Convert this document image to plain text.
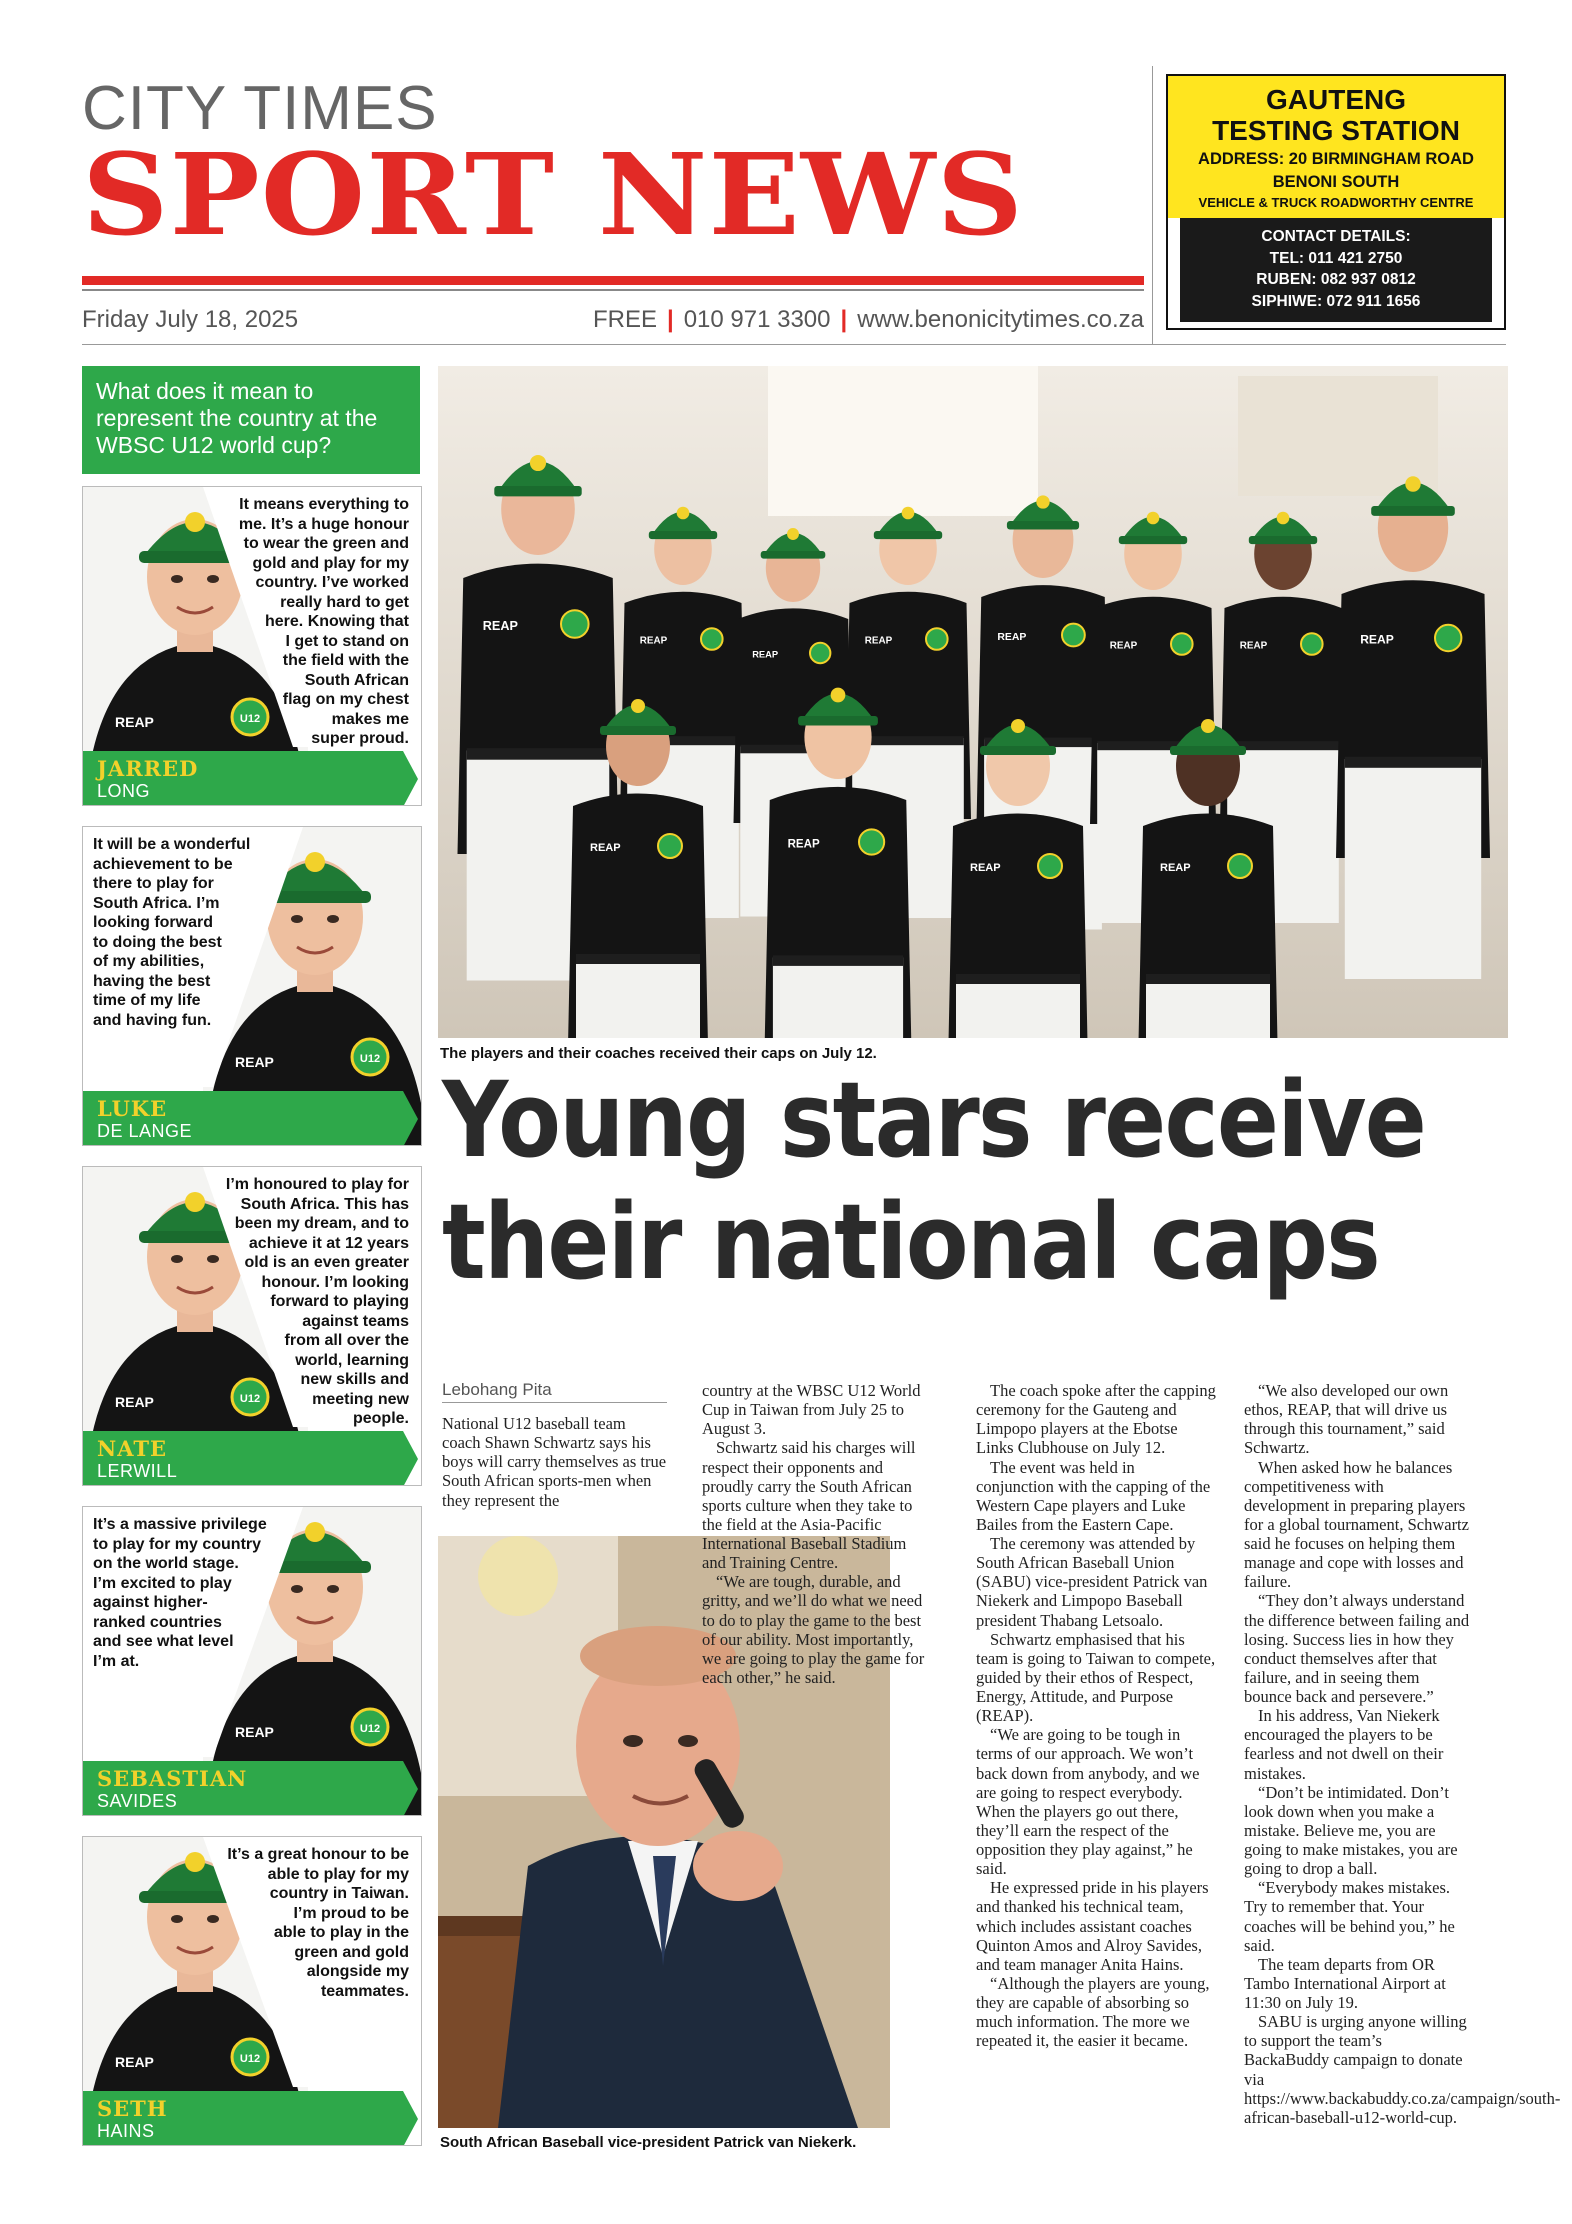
CITY TIMES
SPORT NEWS
Friday July 18, 2025	FREE | 010 971 3300 | www.benonicitytimes.co.za
GAUTENG
TESTING STATION
ADDRESS: 20 BIRMINGHAM ROAD
BENONI SOUTH
VEHICLE & TRUCK ROADWORTHY CENTRE
CONTACT DETAILS:
TEL: 011 421 2750
RUBEN: 082 937 0812
SIPHIWE: 072 911 1656
What does it mean to represent the country at the WBSC U12 world cup?
U12
REAP
It means everything to
me. It’s a huge honour
to wear the green and
gold and play for my
country. I’ve worked
really hard to get
here. Knowing that
I get to stand on
the field with the
South African
flag on my chest
makes me
super proud.
JARRED
LONG
U12
REAP
It will be a wonderful
achievement to be
there to play for
South Africa. I’m
looking forward
to doing the best
of my abilities,
having the best
time of my life
and having fun.
LUKE
DE LANGE
U12
REAP
I’m honoured to play for
South Africa. This has
been my dream, and to
achieve it at 12 years
old is an even greater
honour. I’m looking
forward to playing
against teams
from all over the
world, learning
new skills and
meeting new
people.
NATE
LERWILL
U12
REAP
It’s a massive privilege
to play for my country
on the world stage.
I’m excited to play
against higher-
ranked countries
and see what level
I’m at.
SEBASTIAN
SAVIDES
U12
REAP
It’s a great honour to be
able to play for my
country in Taiwan.
I’m proud to be
able to play in the
green and gold
alongside my
teammates.
SETH
HAINS
REAP
REAP
REAP
REAP	REAP
REAP	REAP	REAP
REAP	REAP
REAP	REAP
The players and their coaches received their caps on July 12.
Young stars receive
their national caps
Lebohang Pita

National U12 baseball team coach Shawn Schwartz says his boys will carry themselves as true South African sports-men when they represent the

South African Baseball vice-president Patrick van Niekerk.

country at the WBSC U12 World Cup in Taiwan from July 25 to August 3.

Schwartz said his charges will respect their opponents and proudly carry the South African sports culture when they take to the field at the Asia-Pacific International Baseball Stadium and Training Centre.

“We are tough, durable, and gritty, and we’ll do what we need to do to play the game to the best of our ability. Most importantly, we are going to play the game for each other,” he said.

The coach spoke after the capping ceremony for the Gauteng and Limpopo players at the Ebotse Links Clubhouse on July 12.

The event was held in conjunction with the capping of the Western Cape players and Luke Bailes from the Eastern Cape.

The ceremony was attended by South African Baseball Union (SABU) vice-president Patrick van Niekerk and Limpopo Baseball president Thabang Letsoalo.

Schwartz emphasised that his team is going to Taiwan to compete, guided by their ethos of Respect, Energy, Attitude, and Purpose (REAP).

“We are going to be tough in terms of our approach. We won’t back down from anybody, and we are going to respect everybody. When the players go out there, they’ll earn the respect of the opposition they play against,” he said.

He expressed pride in his players and thanked his technical team, which includes assistant coaches Quinton Amos and Alroy Savides, and team manager Anita Hains.

“Although the players are young, they are capable of absorbing so much information. The more we repeated it, the easier it became.

“We also developed our own ethos, REAP, that will drive us through this tournament,” said Schwartz.

When asked how he balances competitiveness with development in preparing players for a global tournament, Schwartz said he focuses on helping them manage and cope with losses and failure.

“They don’t always understand the difference between failing and losing. Success lies in how they conduct themselves after that failure, and in seeing them bounce back and persevere.”

In his address, Van Niekerk encouraged the players to be fearless and not dwell on their mistakes.

“Don’t be intimidated. Don’t look down when you make a mistake. Believe me, you are going to make mistakes, you are going to drop a ball.

“Everybody makes mistakes. Try to remember that. Your coaches will be behind you,” he said.

The team departs from OR Tambo International Airport at 11:30 on July 19.

SABU is urging anyone willing to support the team’s BackaBuddy campaign to donate via https://www.backabuddy.co.za/campaign/south-african-baseball-u12-world-cup.
